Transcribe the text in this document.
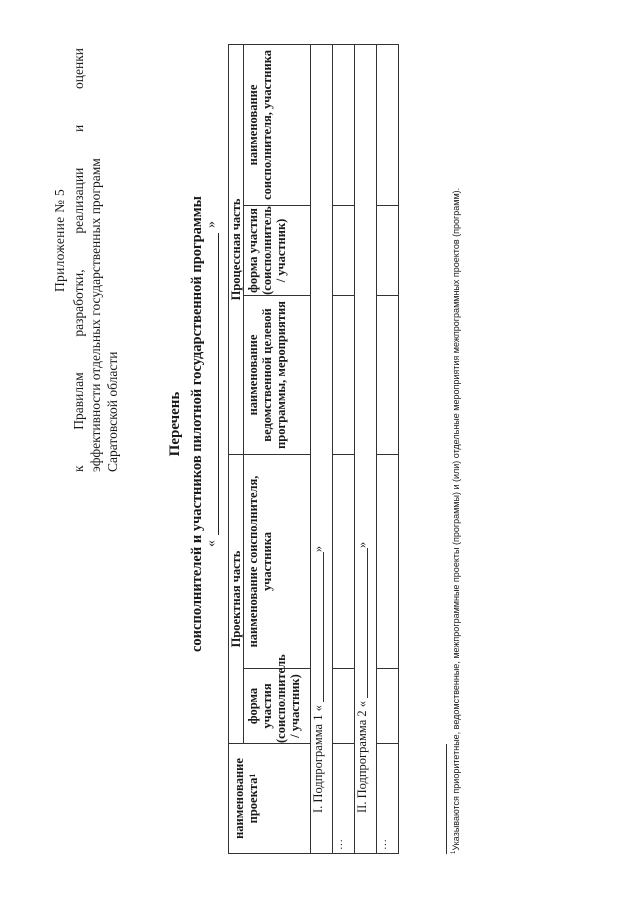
Приложение № 5
к
Правилам
разработки,
реализации
и
оценки
эффективности отдельных государственных программ Саратовской области	Перечень соисполнителей и участников пилотной государственной программы «
»
наименование проекта$^1$	Проектная часть		Процессная часть		
	форма участия (соисполнитель / участник)	наименование соисполнителя, участника	наименование ведомственной целевой программы, мероприятия	форма участия (соисполнитель / участник)	наименование соисполнителя, участника
I. Подпрограмма 1 «»					
…					
II. Подпрограмма 2 «»					
…					
$^1$Указываются приоритетные, ведомственные, межпрограммные проекты (программы) и (или) отдельные мероприятия межпрограммных проектов (программ).
